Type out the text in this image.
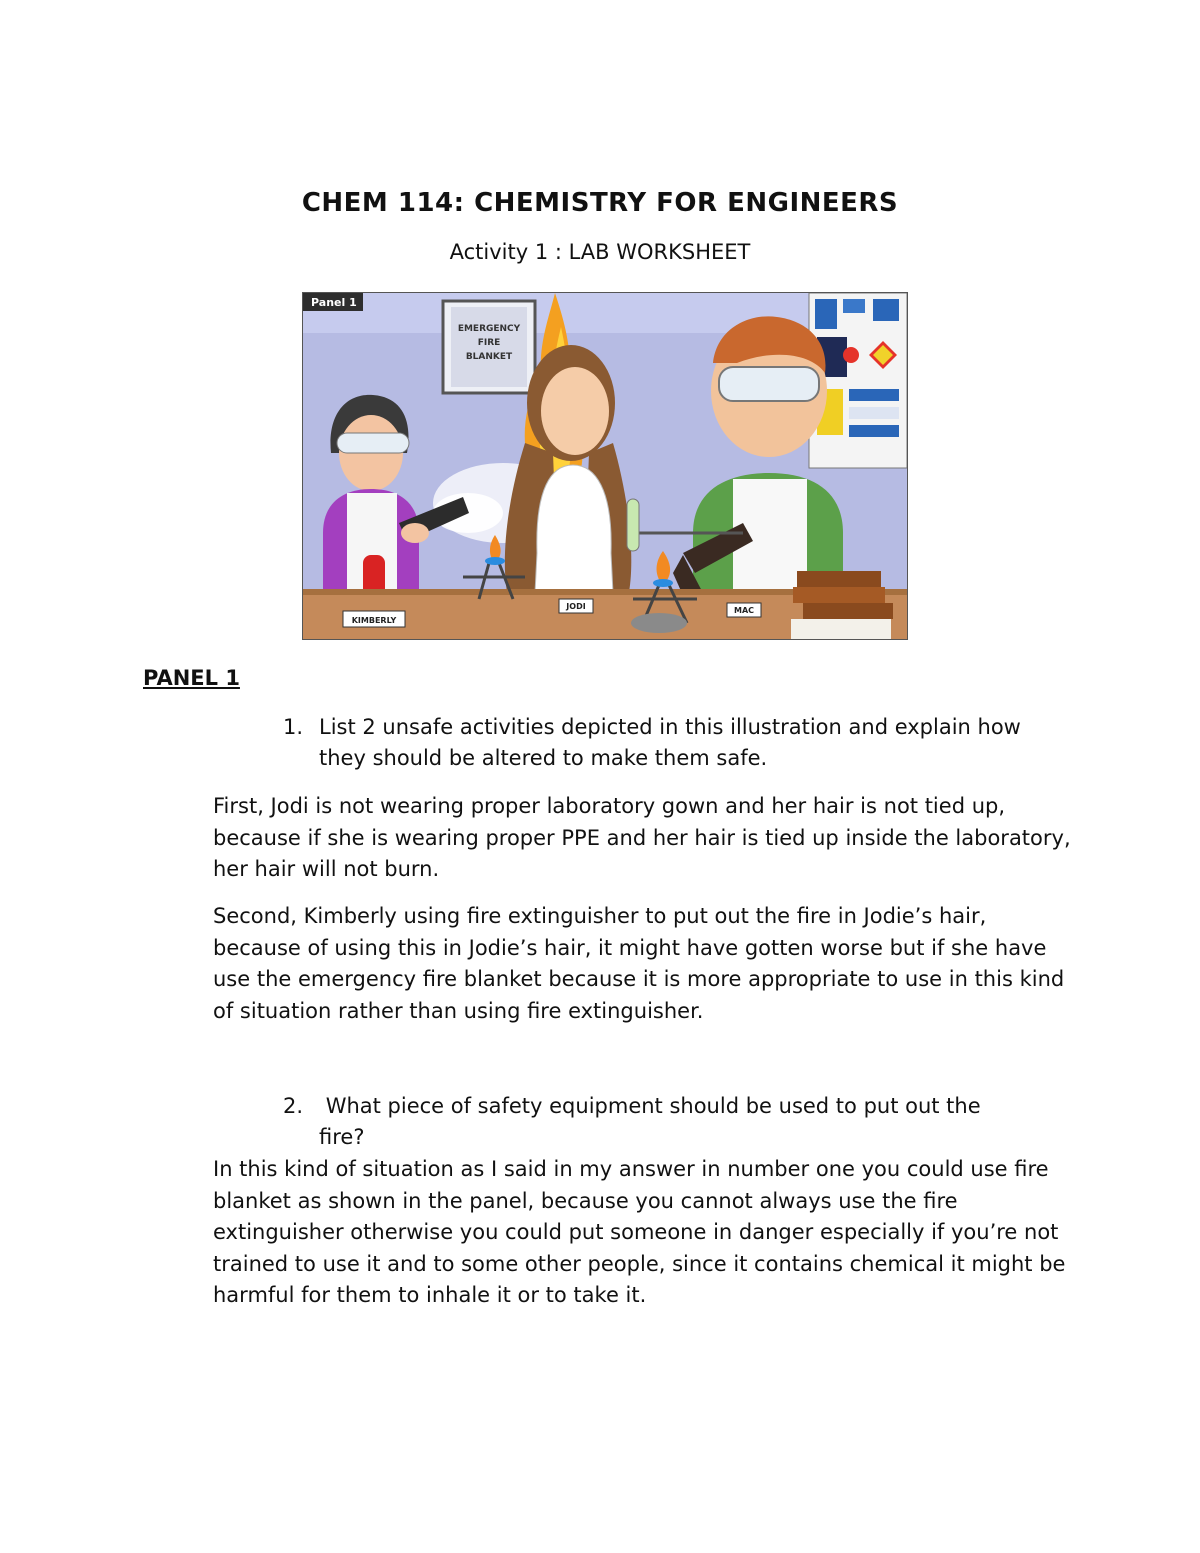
CHEM 114: CHEMISTRY FOR ENGINEERS

Activity 1 : LAB WORKSHEET

Panel 1
EMERGENCY
FIRE
BLANKET
KIMBERLY
JODI	MAC
PANEL 1
1. List 2 unsafe activities depicted in this illustration and explain how they should be altered to make them safe.

First, Jodi is not wearing proper laboratory gown and her hair is not tied up, because if she is wearing proper PPE and her hair is tied up inside the laboratory, her hair will not burn.

Second, Kimberly using fire extinguisher to put out the fire in Jodie’s hair, because of using this in Jodie’s hair, it might have gotten worse but if she have use the emergency fire blanket because it is more appropriate to use in this kind of situation rather than using fire extinguisher.

2. What piece of safety equipment should be used to put out the fire?

In this kind of situation as I said in my answer in number one you could use fire blanket as shown in the panel, because you cannot always use the fire extinguisher otherwise you could put someone in danger especially if you’re not trained to use it and to some other people, since it contains chemical it might be harmful for them to inhale it or to take it.
